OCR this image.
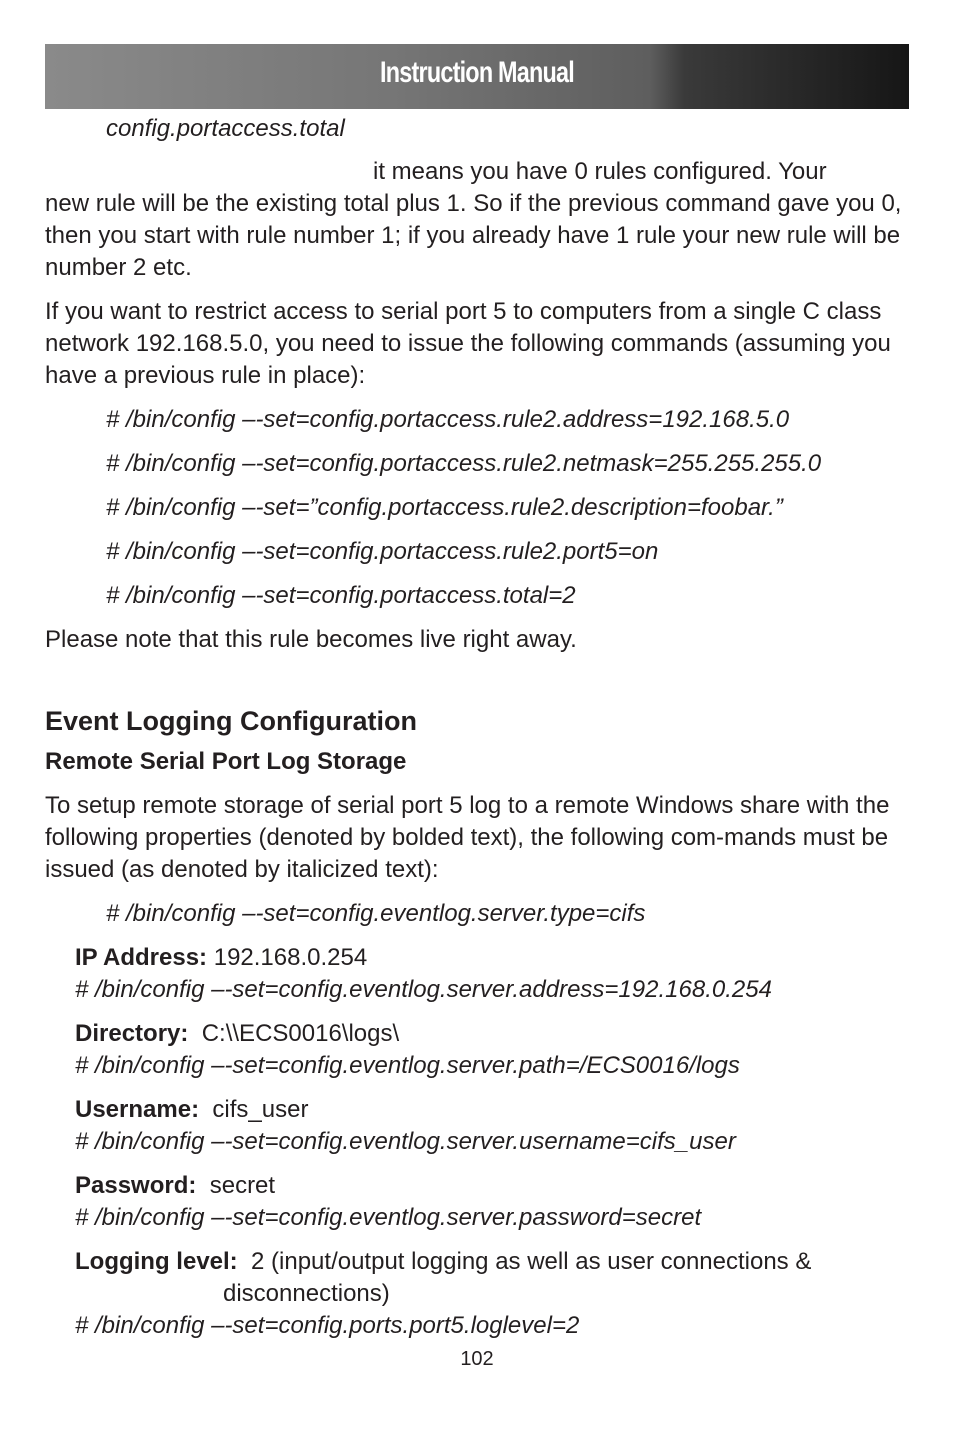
Instruction Manual

config.portaccess.total

it means you have 0 rules configured. Your

new rule will be the existing total plus 1. So if the previous command gave you 0, then you start with rule number 1; if you already have 1 rule your new rule will be number 2 etc.

If you want to restrict access to serial port 5 to computers from a single C class network 192.168.5.0, you need to issue the following commands (assuming you have a previous rule in place):

# /bin/config –-set=config.portaccess.rule2.address=192.168.5.0

# /bin/config –-set=config.portaccess.rule2.netmask=255.255.255.0

# /bin/config –-set=”config.portaccess.rule2.description=foobar.”

# /bin/config –-set=config.portaccess.rule2.port5=on

# /bin/config –-set=config.portaccess.total=2

Please note that this rule becomes live right away.

Event Logging Configuration

Remote Serial Port Log Storage

To setup remote storage of serial port 5 log to a remote Windows share with the following properties (denoted by bolded text), the following com-mands must be issued (as denoted by italicized text):

# /bin/config –-set=config.eventlog.server.type=cifs

IP Address: 192.168.0.254

# /bin/config –-set=config.eventlog.server.address=192.168.0.254

Directory: C:\\ECS0016\logs\

# /bin/config –-set=config.eventlog.server.path=/ECS0016/logs

Username: cifs_user

# /bin/config –-set=config.eventlog.server.username=cifs_user

Password: secret

# /bin/config –-set=config.eventlog.server.password=secret

Logging level: 2 (input/output logging as well as user connections &

disconnections)

# /bin/config –-set=config.ports.port5.loglevel=2

102
